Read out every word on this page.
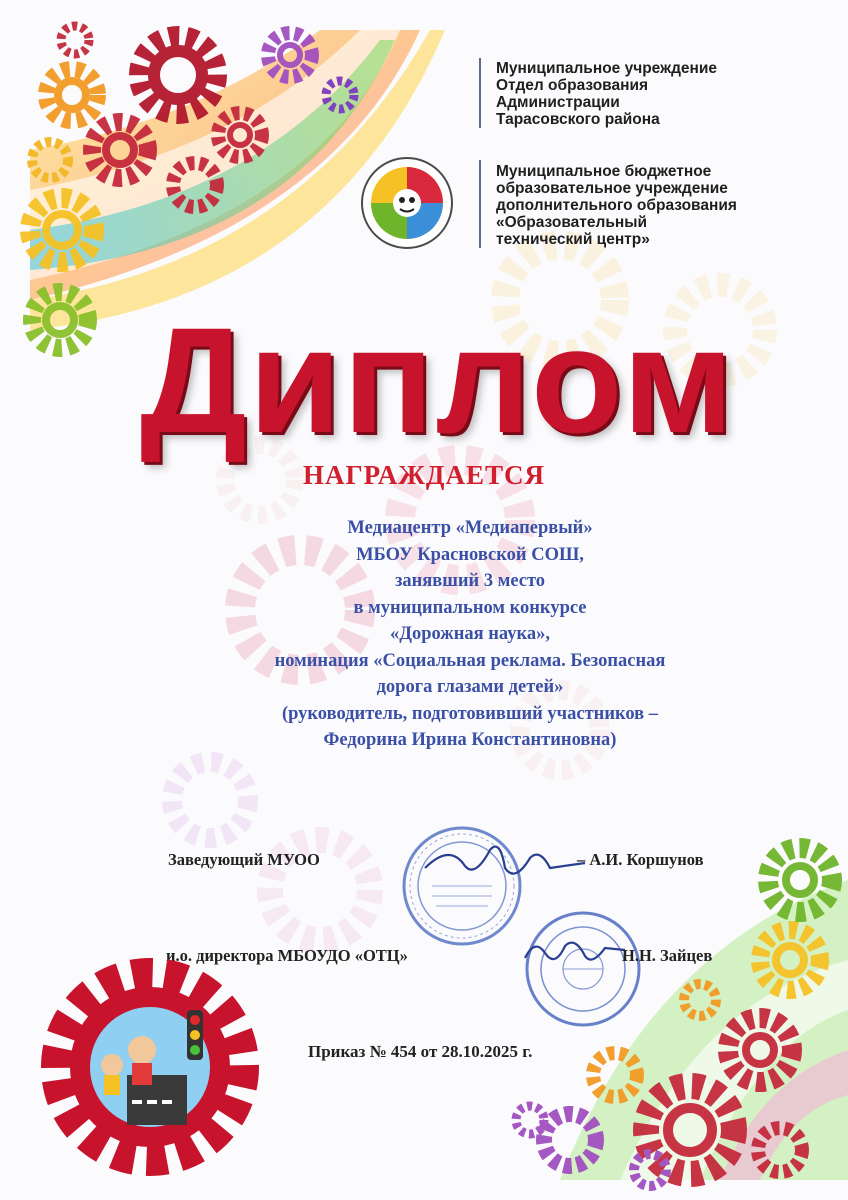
Муниципальное учреждение
Отдел образования
Администрации
Тарасовского района
Муниципальное бюджетное
образовательное учреждение
дополнительного образования
«Образовательный
технический центр»
Диплом
НАГРАЖДАЕТСЯ
Медиацентр «Медиапервый»
МБОУ Красновской СОШ,
занявший 3 место
в муниципальном конкурсе
«Дорожная наука»,
номинация «Социальная реклама. Безопасная
дорога глазами детей»
(руководитель, подготовивший участников –
Федорина Ирина Константиновна)
Заведующий МУОО	– А.И. Коршунов
и.о. директора МБОУДО «ОТЦ»	Н.Н. Зайцев
Приказ № 454 от 28.10.2025 г.
